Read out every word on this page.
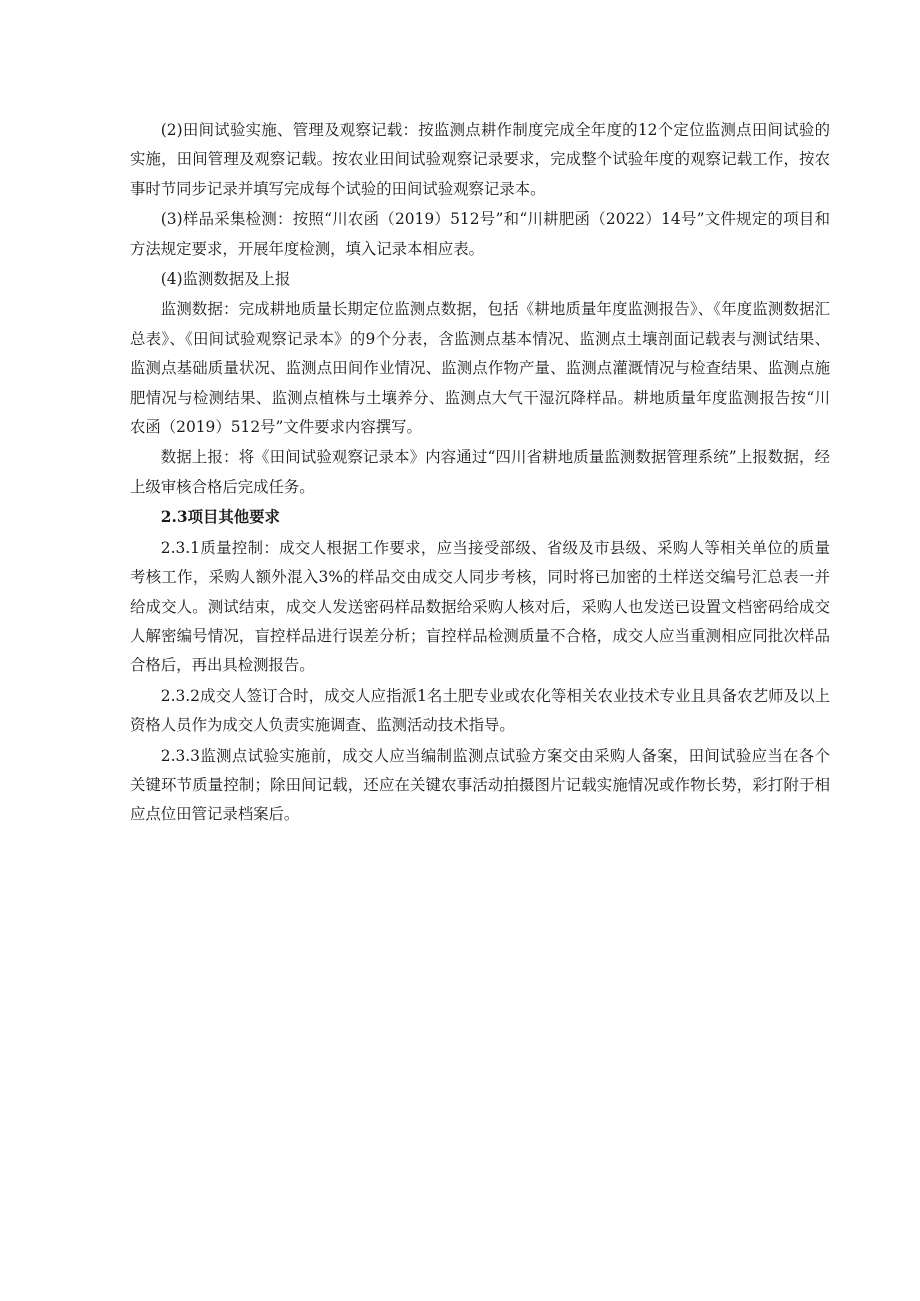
(2)田间试验实施、管理及观察记载：按监测点耕作制度完成全年度的12个定位监测点田间试验的实施，田间管理及观察记载。按农业田间试验观察记录要求，完成整个试验年度的观察记载工作，按农事时节同步记录并填写完成每个试验的田间试验观察记录本。

(3)样品采集检测：按照“川农函（2019）512号”和“川耕肥函（2022）14号”文件规定的项目和方法规定要求，开展年度检测，填入记录本相应表。

(4)监测数据及上报

监测数据：完成耕地质量长期定位监测点数据，包括《耕地质量年度监测报告》、《年度监测数据汇总表》、《田间试验观察记录本》的9个分表，含监测点基本情况、监测点土壤剖面记载表与测试结果、监测点基础质量状况、监测点田间作业情况、监测点作物产量、监测点灌溉情况与检查结果、监测点施肥情况与检测结果、监测点植株与土壤养分、监测点大气干湿沉降样品。耕地质量年度监测报告按“川农函（2019）512号”文件要求内容撰写。

数据上报：将《田间试验观察记录本》内容通过“四川省耕地质量监测数据管理系统”上报数据，经上级审核合格后完成任务。

2.3项目其他要求

2.3.1质量控制：成交人根据工作要求，应当接受部级、省级及市县级、采购人等相关单位的质量考核工作，采购人额外混入3%的样品交由成交人同步考核，同时将已加密的土样送交编号汇总表一并给成交人。测试结束，成交人发送密码样品数据给采购人核对后，采购人也发送已设置文档密码给成交人解密编号情况，盲控样品进行误差分析；盲控样品检测质量不合格，成交人应当重测相应同批次样品合格后，再出具检测报告。

2.3.2成交人签订合时，成交人应指派1名土肥专业或农化等相关农业技术专业且具备农艺师及以上资格人员作为成交人负责实施调查、监测活动技术指导。

2.3.3监测点试验实施前，成交人应当编制监测点试验方案交由采购人备案，田间试验应当在各个关键环节质量控制；除田间记载，还应在关键农事活动拍摄图片记载实施情况或作物长势，彩打附于相应点位田管记录档案后。
